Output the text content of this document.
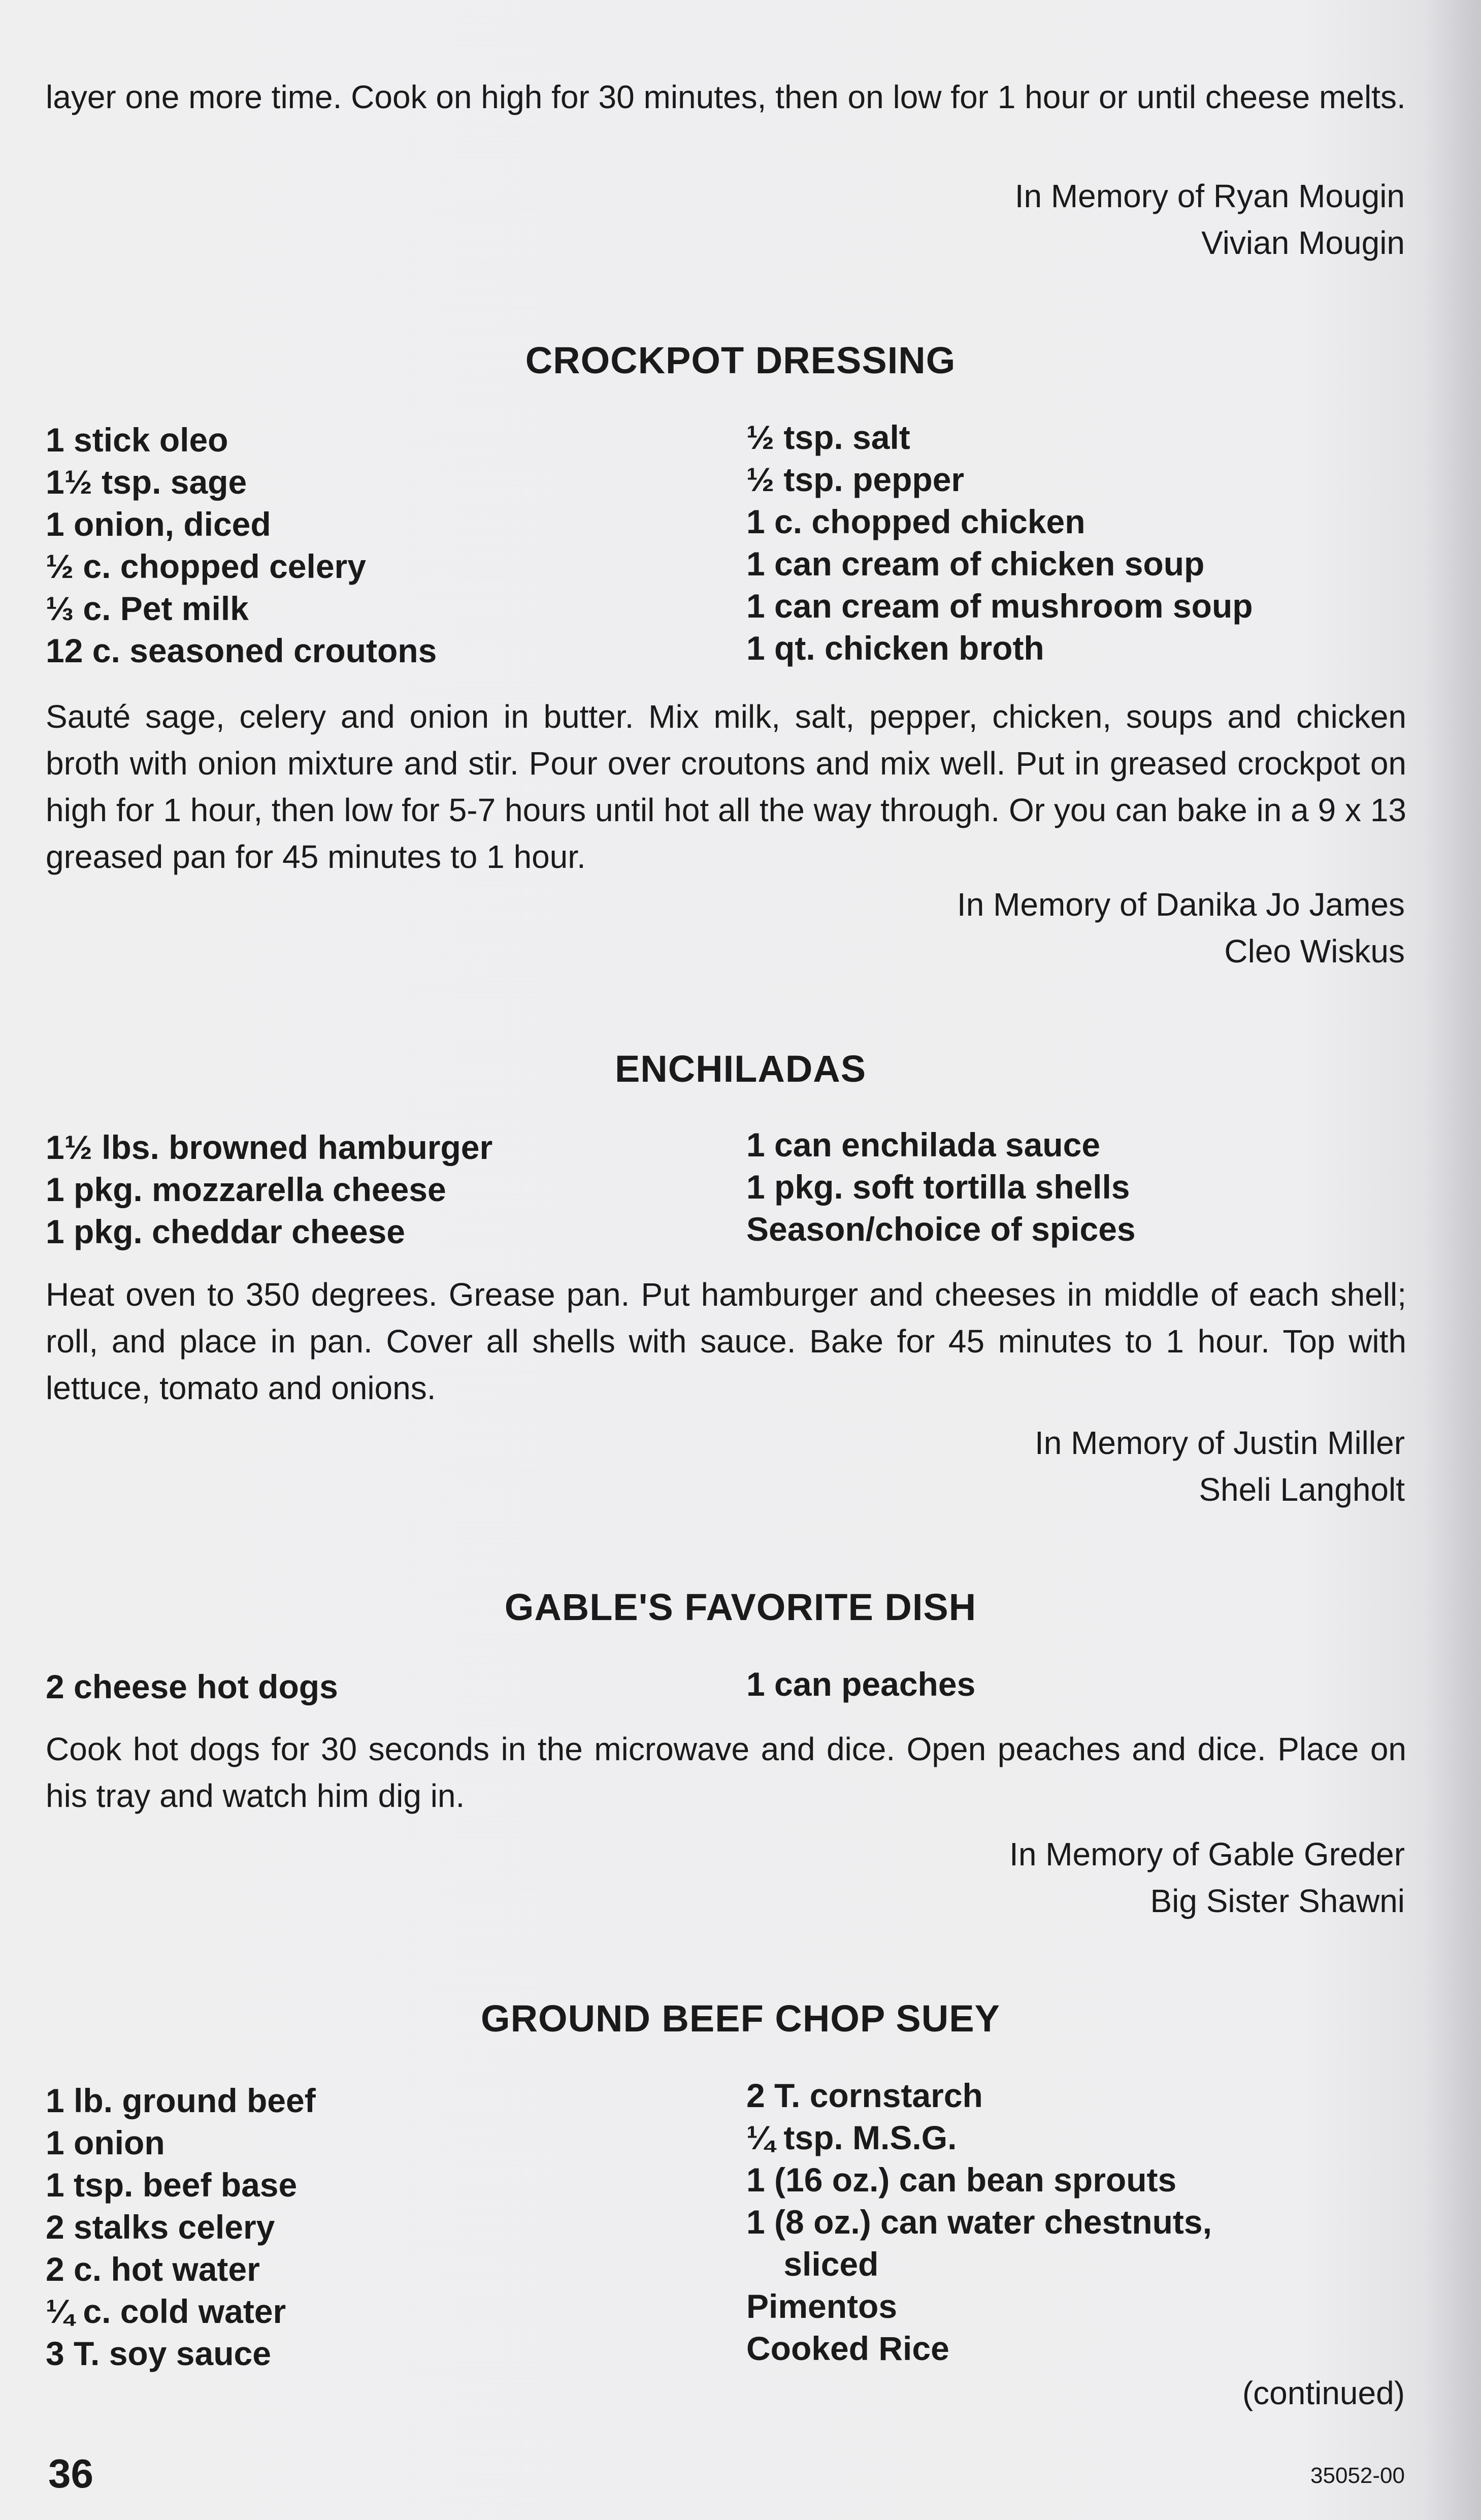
layer one more time. Cook on high for 30 minutes, then on low for 1 hour or until cheese melts.

In Memory of Ryan Mougin
Vivian Mougin
CROCKPOT DRESSING
1 stick oleo
1½ tsp. sage
1 onion, diced
½ c. chopped celery
⅓ c. Pet milk
12 c. seasoned croutons
½ tsp. salt
½ tsp. pepper
1 c. chopped chicken
1 can cream of chicken soup
1 can cream of mushroom soup
1 qt. chicken broth

Sauté sage, celery and onion in butter. Mix milk, salt, pepper, chicken, soups and chicken broth with onion mixture and stir. Pour over croutons and mix well. Put in greased crockpot on high for 1 hour, then low for 5-7 hours until hot all the way through. Or you can bake in a 9 x 13 greased pan for 45 minutes to 1 hour.

In Memory of Danika Jo James
Cleo Wiskus
ENCHILADAS
1½ lbs. browned hamburger
1 pkg. mozzarella cheese
1 pkg. cheddar cheese
1 can enchilada sauce
1 pkg. soft tortilla shells
Season/choice of spices

Heat oven to 350 degrees. Grease pan. Put hamburger and cheeses in middle of each shell; roll, and place in pan. Cover all shells with sauce. Bake for 45 minutes to 1 hour. Top with lettuce, tomato and onions.

In Memory of Justin Miller
Sheli Langholt
GABLE'S FAVORITE DISH
2 cheese hot dogs	1 can peaches

Cook hot dogs for 30 seconds in the microwave and dice. Open peaches and dice. Place on his tray and watch him dig in.

In Memory of Gable Greder
Big Sister Shawni
GROUND BEEF CHOP SUEY
1 lb. ground beef
1 onion
1 tsp. beef base
2 stalks celery
2 c. hot water
¼ c. cold water
3 T. soy sauce
2 T. cornstarch
¼ tsp. M.S.G.
1 (16 oz.) can bean sprouts
1 (8 oz.) can water chestnuts,
sliced
Pimentos
Cooked Rice
(continued)
36	35052-00
